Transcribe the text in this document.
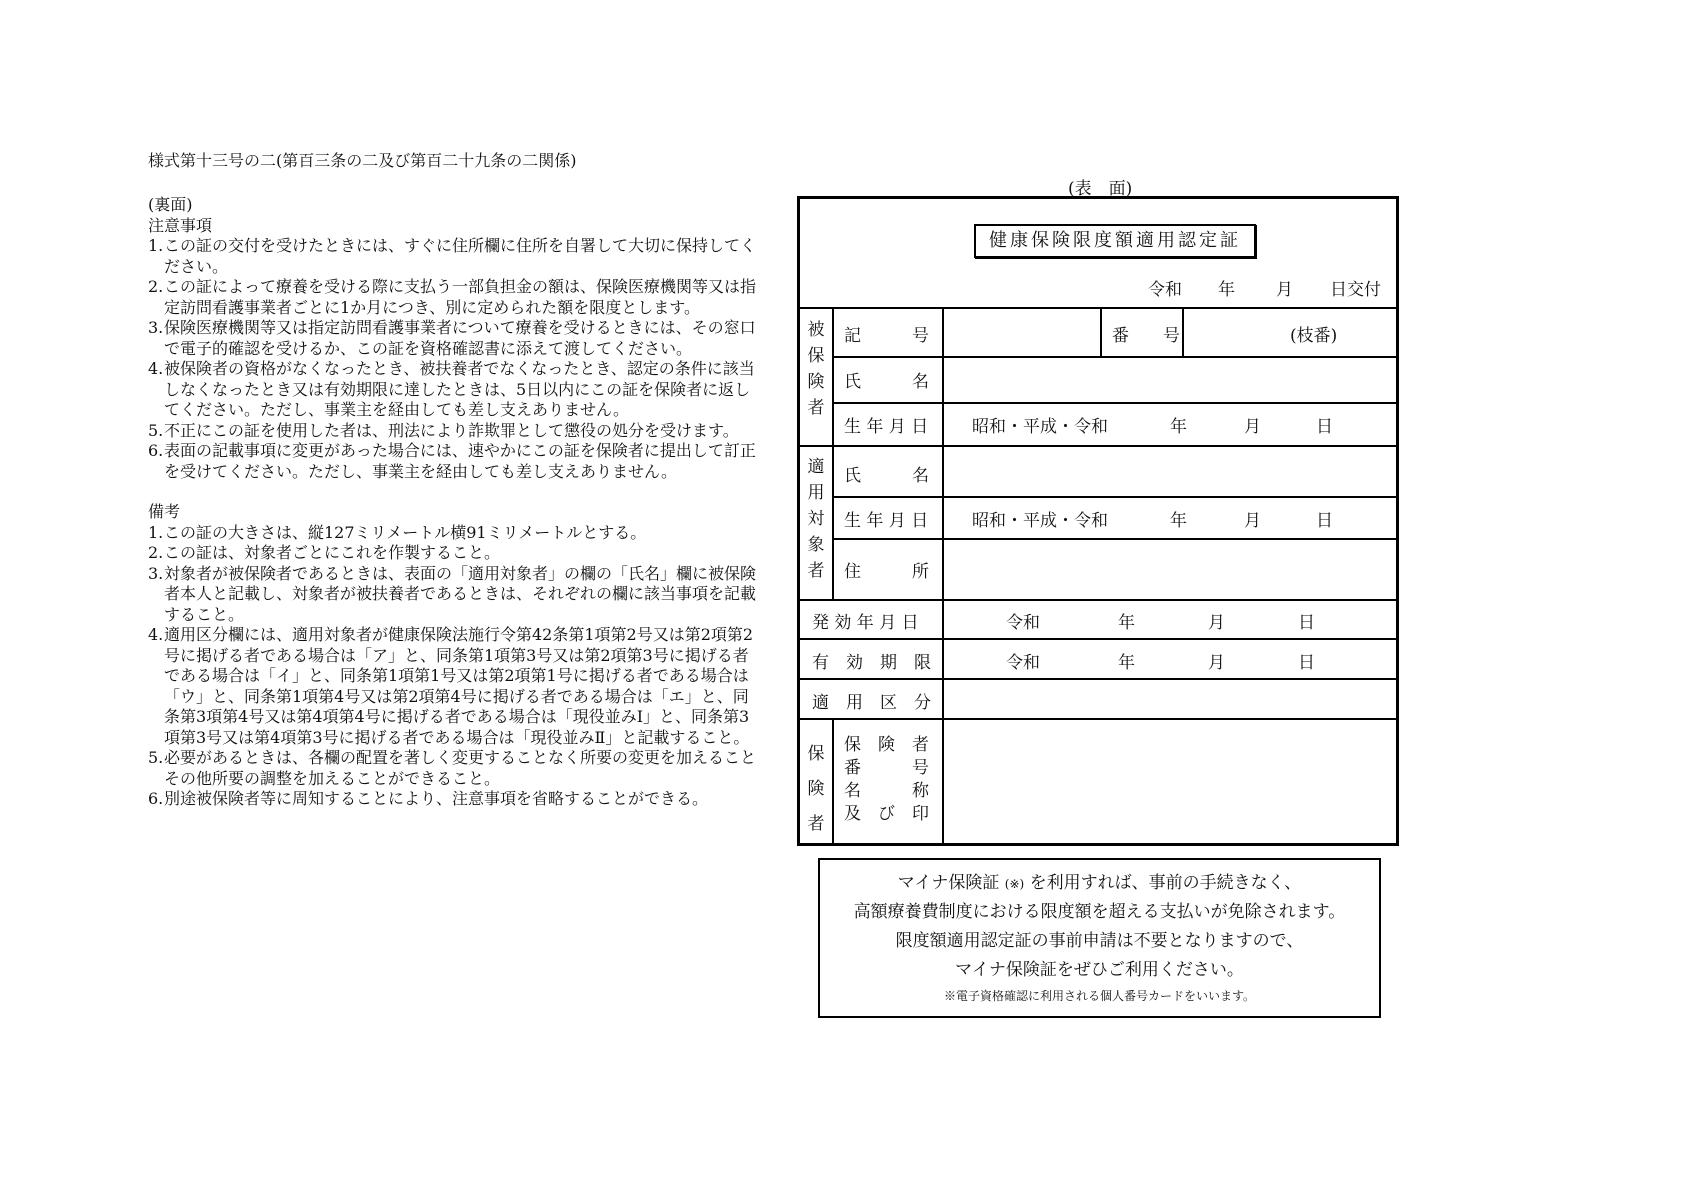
様式第十三号の二(第百三条の二及び第百二十九条の二関係)
(裏面)
注意事項
1. この証の交付を受けたときには、すぐに住所欄に住所を自署して大切に保持してください。
2. この証によって療養を受ける際に支払う一部負担金の額は、保険医療機関等又は指定訪問看護事業者ごとに1か月につき、別に定められた額を限度とします。
3. 保険医療機関等又は指定訪問看護事業者について療養を受けるときには、その窓口で電子的確認を受けるか、この証を資格確認書に添えて渡してください。
4. 被保険者の資格がなくなったとき、被扶養者でなくなったとき、認定の条件に該当しなくなったとき又は有効期限に達したときは、5日以内にこの証を保険者に返してください。ただし、事業主を経由しても差し支えありません。
5. 不正にこの証を使用した者は、刑法により詐欺罪として懲役の処分を受けます。
6. 表面の記載事項に変更があった場合には、速やかにこの証を保険者に提出して訂正を受けてください。ただし、事業主を経由しても差し支えありません。
備考
1. この証の大きさは、縦127ミリメートル横91ミリメートルとする。
2. この証は、対象者ごとにこれを作製すること。
3. 対象者が被保険者であるときは、表面の「適用対象者」の欄の「氏名」欄に被保険者本人と記載し、対象者が被扶養者であるときは、それぞれの欄に該当事項を記載すること。
4. 適用区分欄には、適用対象者が健康保険法施行令第42条第1項第2号又は第2項第2号に掲げる者である場合は「ア」と、同条第1項第3号又は第2項第3号に掲げる者である場合は「イ」と、同条第1項第1号又は第2項第1号に掲げる者である場合は「ウ」と、同条第1項第4号又は第2項第4号に掲げる者である場合は「エ」と、同条第3項第4号又は第4項第4号に掲げる者である場合は「現役並みⅠ」と、同条第3項第3号又は第4項第3号に掲げる者である場合は「現役並みⅡ」と記載すること。
5. 必要があるときは、各欄の配置を著しく変更することなく所要の変更を加えることその他所要の調整を加えることができること。
6. 別途被保険者等に周知することにより、注意事項を省略することができる。
(表　面)
健康保険限度額適用認定証
令和 年 月 日交付
被
保
険
者
記　　　号	番　　号	(枝番)
氏　　　名
生 年 月 日	昭和・平成・令和	年	月	日
適
用
対
象
者
氏　　　名
生 年 月 日	昭和・平成・令和	年	月	日
住　　　所
発 効 年 月 日	令和	年	月	日
有　効　期　限	令和	年	月	日
適　用　区　分
保
険
者
保　険　者
番　　　号
名　　　称
及　び　印
マイナ保険証 (※) を利用すれば、事前の手続きなく、
高額療養費制度における限度額を超える支払いが免除されます。
限度額適用認定証の事前申請は不要となりますので、
マイナ保険証をぜひご利用ください。
※電子資格確認に利用される個人番号カードをいいます。
